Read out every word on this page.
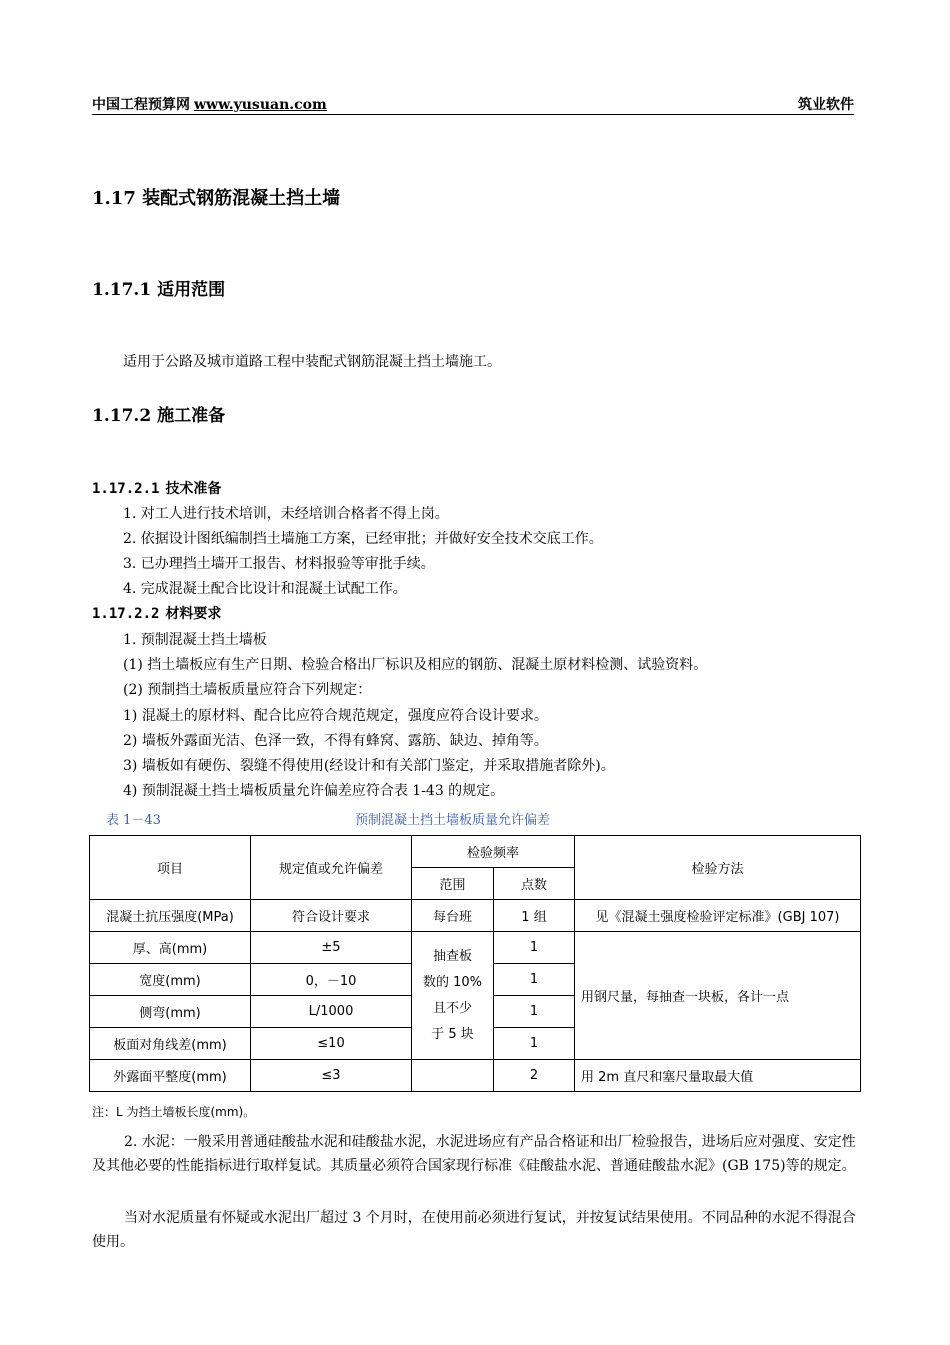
中国工程预算网 www.yusuan.com	筑业软件
1.17 装配式钢筋混凝土挡土墙
1.17.1 适用范围
适用于公路及城市道路工程中装配式钢筋混凝土挡土墙施工。
1.17.2 施工准备
1.17.2.1 技术准备
1. 对工人进行技术培训，未经培训合格者不得上岗。
2. 依据设计图纸编制挡土墙施工方案，已经审批；并做好安全技术交底工作。
3. 已办理挡土墙开工报告、材料报验等审批手续。
4. 完成混凝土配合比设计和混凝土试配工作。
1.17.2.2 材料要求
1. 预制混凝土挡土墙板
(1) 挡土墙板应有生产日期、检验合格出厂标识及相应的钢筋、混凝土原材料检测、试验资料。
(2) 预制挡土墙板质量应符合下列规定：
1) 混凝土的原材料、配合比应符合规范规定，强度应符合设计要求。
2) 墙板外露面光洁、色泽一致，不得有蜂窝、露筋、缺边、掉角等。
3) 墙板如有硬伤、裂缝不得使用(经设计和有关部门鉴定，并采取措施者除外)。
4) 预制混凝土挡土墙板质量允许偏差应符合表 1-43 的规定。
表 1－43	预制混凝土挡土墙板质量允许偏差
项目	规定值或允许偏差	检验频率		检验方法
		范围	点数	
混凝土抗压强度(MPa)	符合设计要求	每台班	1 组	见《混凝土强度检验评定标准》(GBJ 107)
厚、高(mm)	±5	抽查板
数的 10%
且不少
于 5 块	1	用钢尺量，每抽查一块板，各计一点
宽度(mm)	0，－10		1	
侧弯(mm)	L/1000		1	
板面对角线差(mm)	≤10		1	
外露面平整度(mm)	≤3		2	用 2m 直尺和塞尺量取最大值
注：L 为挡土墙板长度(mm)。
2. 水泥：一般采用普通硅酸盐水泥和硅酸盐水泥，水泥进场应有产品合格证和出厂检验报告，进场后应对强度、安定性及其他必要的性能指标进行取样复试。其质量必须符合国家现行标准《硅酸盐水泥、普通硅酸盐水泥》(GB 175)等的规定。
当对水泥质量有怀疑或水泥出厂超过 3 个月时，在使用前必须进行复试，并按复试结果使用。不同品种的水泥不得混合使用。
